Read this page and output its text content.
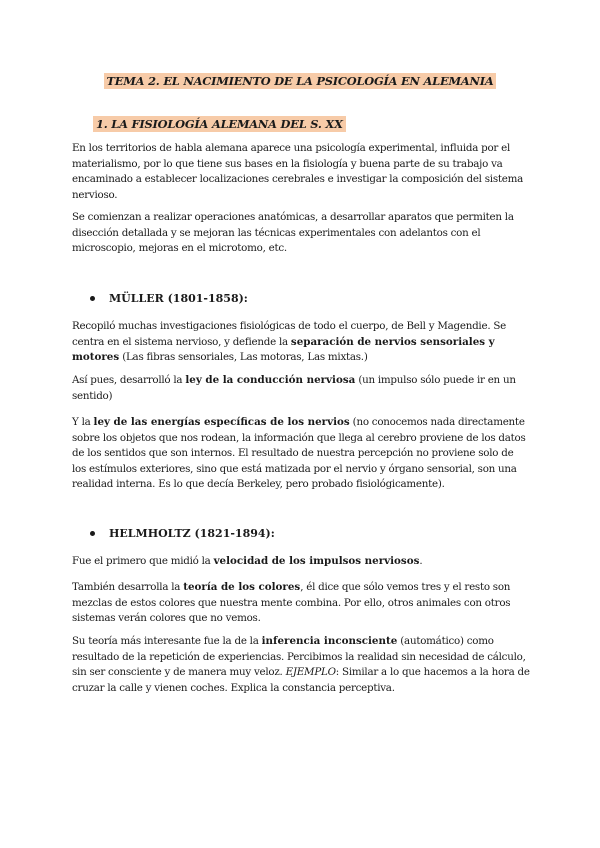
TEMA 2. EL NACIMIENTO DE LA PSICOLOGÍA EN ALEMANIA
1. LA FISIOLOGÍA ALEMANA DEL S. XX

En los territorios de habla alemana aparece una psicología experimental, influida por el materialismo, por lo que tiene sus bases en la fisiología y buena parte de su trabajo va encaminado a establecer localizaciones cerebrales e investigar la composición del sistema nervioso.

Se comienzan a realizar operaciones anatómicas, a desarrollar aparatos que permiten la disección detallada y se mejoran las técnicas experimentales con adelantos con el microscopio, mejoras en el microtomo, etc.

MÜLLER (1801-1858):

Recopiló muchas investigaciones fisiológicas de todo el cuerpo, de Bell y Magendie. Se centra en el sistema nervioso, y defiende la separación de nervios sensoriales y motores (Las fibras sensoriales, Las motoras, Las mixtas.)

Así pues, desarrolló la ley de la conducción nerviosa (un impulso sólo puede ir en un sentido)

Y la ley de las energías específicas de los nervios (no conocemos nada directamente sobre los objetos que nos rodean, la información que llega al cerebro proviene de los datos de los sentidos que son internos. El resultado de nuestra percepción no proviene solo de los estímulos exteriores, sino que está matizada por el nervio y órgano sensorial, son una realidad interna. Es lo que decía Berkeley, pero probado fisiológicamente).

HELMHOLTZ (1821-1894):

Fue el primero que midió la velocidad de los impulsos nerviosos.

También desarrolla la teoría de los colores, él dice que sólo vemos tres y el resto son mezclas de estos colores que nuestra mente combina. Por ello, otros animales con otros sistemas verán colores que no vemos.

Su teoría más interesante fue la de la inferencia inconsciente (automático) como resultado de la repetición de experiencias. Percibimos la realidad sin necesidad de cálculo, sin ser consciente y de manera muy veloz. EJEMPLO: Similar a lo que hacemos a la hora de cruzar la calle y vienen coches. Explica la constancia perceptiva.
